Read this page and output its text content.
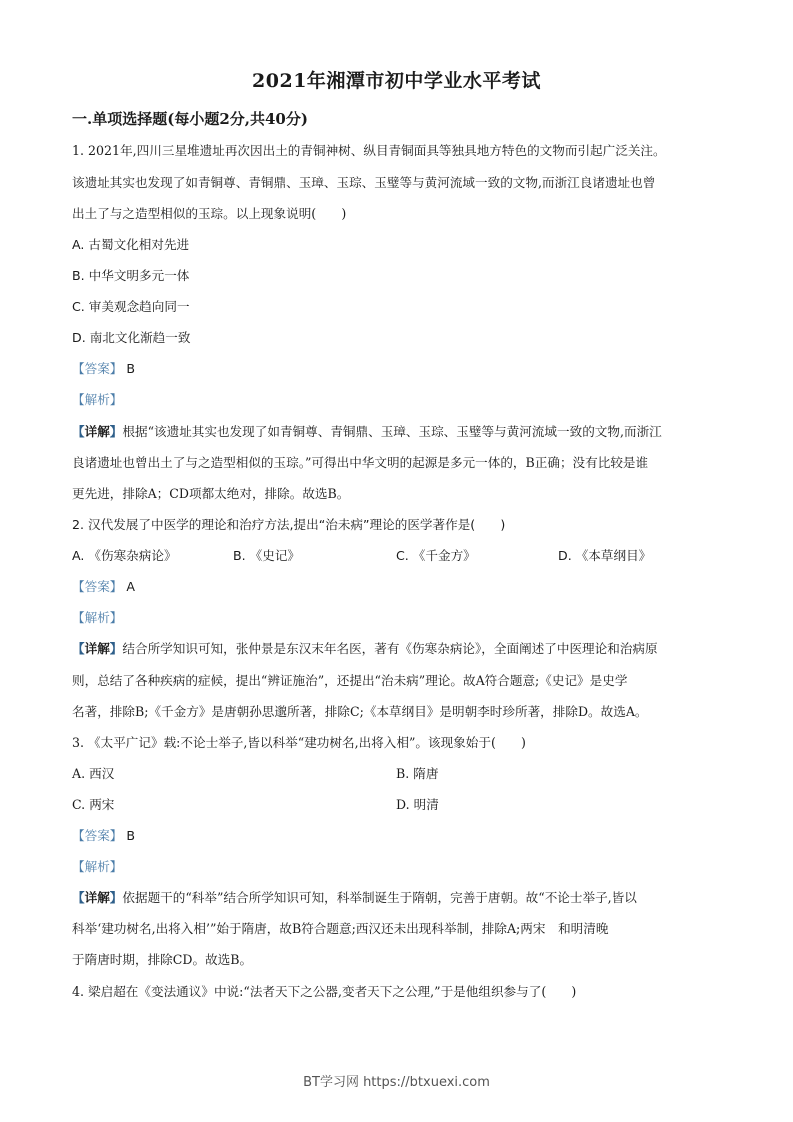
2021年湘潭市初中学业水平考试
一.单项选择题(每小题2分,共40分)
1. 2021年,四川三星堆遗址再次因出土的青铜神树、纵目青铜面具等独具地方特色的文物而引起广泛关注。
该遗址其实也发现了如青铜尊、青铜鼎、玉璋、玉琮、玉璧等与黄河流域一致的文物,而浙江良诸遗址也曾
出土了与之造型相似的玉琮。以上现象说明(　　)
A. 古蜀文化相对先进
B. 中华文明多元一体
C. 审美观念趋向同一
D. 南北文化渐趋一致
【答案】 B
【解析】
【详解】根据“该遗址其实也发现了如青铜尊、青铜鼎、玉璋、玉琮、玉璧等与黄河流域一致的文物,而浙江
良诸遗址也曾出土了与之造型相似的玉琮。”可得出中华文明的起源是多元一体的，B正确；没有比较是谁
更先进，排除A；CD项都太绝对，排除。故选B。
2. 汉代发展了中医学的理论和治疗方法,提出“治未病”理论的医学著作是(　　)
A. 《伤寒杂病论》	B. 《史记》	C. 《千金方》	D. 《本草纲目》
【答案】 A
【解析】
【详解】结合所学知识可知，张仲景是东汉末年名医，著有《伤寒杂病论》，全面阐述了中医理论和治病原
则，总结了各种疾病的症候，提出“辨证施治”，还提出“治未病”理论。故A符合题意;《史记》是史学
名著，排除B;《千金方》是唐朝孙思邈所著，排除C;《本草纲目》是明朝李时珍所著，排除D。故选A。
3. 《太平广记》载:不论士举子,皆以科举“建功树名,出将入相”。该现象始于(　　)
A. 西汉	B. 隋唐
C. 两宋	D. 明清
【答案】 B
【解析】
【详解】依据题干的“科举”结合所学知识可知，科举制诞生于隋朝，完善于唐朝。故“不论士举子,皆以
科举‘建功树名,出将入相’”始于隋唐，故B符合题意;西汉还未出现科举制，排除A;两宋　和明清晚
于隋唐时期，排除CD。故选B。
4. 梁启超在《变法通议》中说:“法者天下之公器,变者天下之公理,”于是他组织参与了(　　)
BT学习网 https://btxuexi.com
